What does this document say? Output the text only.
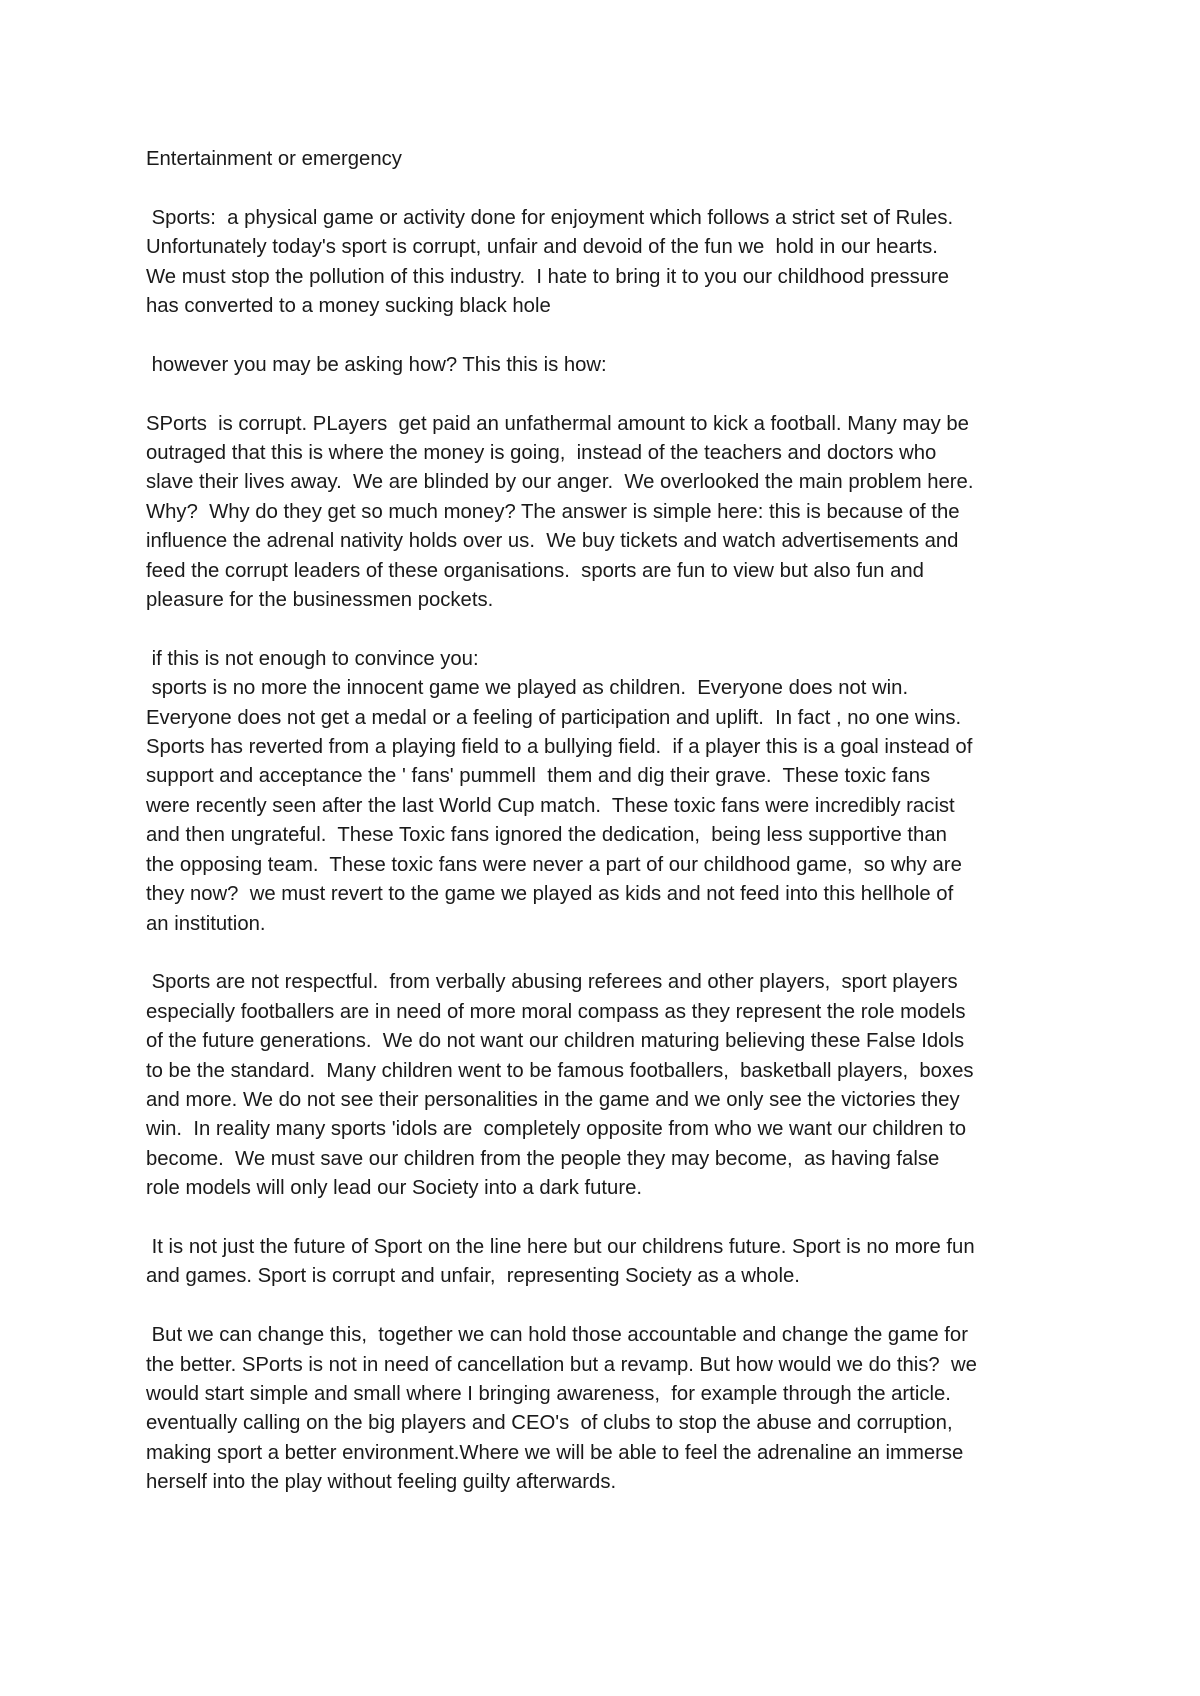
Entertainment or emergency
Sports:  a physical game or activity done for enjoyment which follows a strict set of Rules.
Unfortunately today's sport is corrupt, unfair and devoid of the fun we  hold in our hearts.
We must stop the pollution of this industry.  I hate to bring it to you our childhood pressure
has converted to a money sucking black hole
however you may be asking how? This this is how:
SPorts  is corrupt. PLayers  get paid an unfathermal amount to kick a football. Many may be
outraged that this is where the money is going,  instead of the teachers and doctors who
slave their lives away.  We are blinded by our anger.  We overlooked the main problem here.
Why?  Why do they get so much money? The answer is simple here: this is because of the
influence the adrenal nativity holds over us.  We buy tickets and watch advertisements and
feed the corrupt leaders of these organisations.  sports are fun to view but also fun and
pleasure for the businessmen pockets.
if this is not enough to convince you:
sports is no more the innocent game we played as children.  Everyone does not win.
Everyone does not get a medal or a feeling of participation and uplift.  In fact , no one wins.
Sports has reverted from a playing field to a bullying field.  if a player this is a goal instead of
support and acceptance the ' fans' pummell  them and dig their grave.  These toxic fans
were recently seen after the last World Cup match.  These toxic fans were incredibly racist
and then ungrateful.  These Toxic fans ignored the dedication,  being less supportive than
the opposing team.  These toxic fans were never a part of our childhood game,  so why are
they now?  we must revert to the game we played as kids and not feed into this hellhole of
an institution.
Sports are not respectful.  from verbally abusing referees and other players,  sport players
especially footballers are in need of more moral compass as they represent the role models
of the future generations.  We do not want our children maturing believing these False Idols
to be the standard.  Many children went to be famous footballers,  basketball players,  boxes
and more. We do not see their personalities in the game and we only see the victories they
win.  In reality many sports 'idols are  completely opposite from who we want our children to
become.  We must save our children from the people they may become,  as having false
role models will only lead our Society into a dark future.
It is not just the future of Sport on the line here but our childrens future. Sport is no more fun
and games. Sport is corrupt and unfair,  representing Society as a whole.
But we can change this,  together we can hold those accountable and change the game for
the better. SPorts is not in need of cancellation but a revamp. But how would we do this?  we
would start simple and small where I bringing awareness,  for example through the article.
eventually calling on the big players and CEO's  of clubs to stop the abuse and corruption,
making sport a better environment.Where we will be able to feel the adrenaline an immerse
herself into the play without feeling guilty afterwards.
